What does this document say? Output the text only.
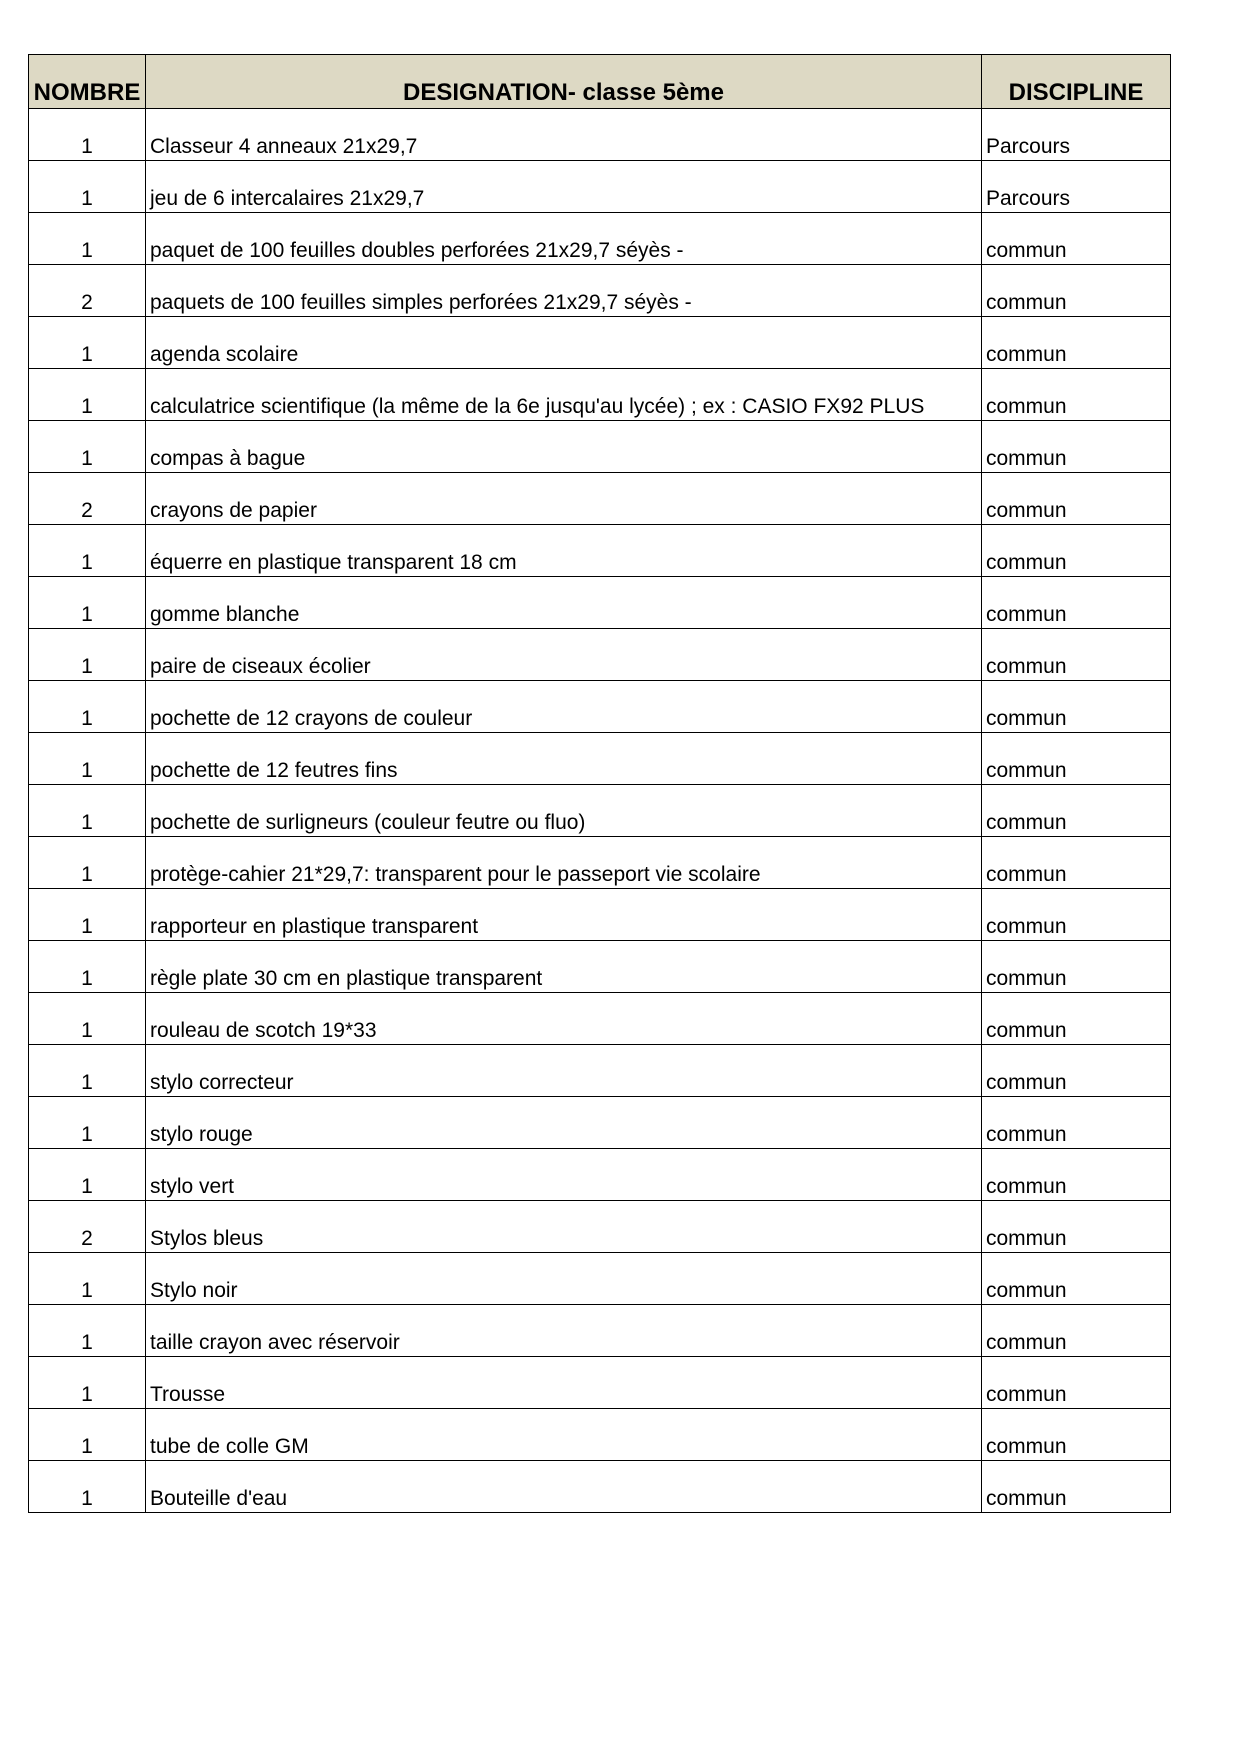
NOMBRE	DESIGNATION- classe 5ème	DISCIPLINE
1	Classeur 4 anneaux 21x29,7	Parcours
1	jeu de 6 intercalaires 21x29,7	Parcours
1	paquet de 100 feuilles doubles perforées 21x29,7 séyès -	commun
2	paquets de 100 feuilles simples perforées 21x29,7 séyès -	commun
1	agenda scolaire	commun
1	calculatrice scientifique (la même de la 6e jusqu'au lycée) ; ex : CASIO FX92 PLUS	commun
1	compas à bague	commun
2	crayons de papier	commun
1	équerre en plastique transparent 18 cm	commun
1	gomme blanche	commun
1	paire de ciseaux écolier	commun
1	pochette de 12 crayons de couleur	commun
1	pochette de 12 feutres fins	commun
1	pochette de surligneurs (couleur feutre ou fluo)	commun
1	protège-cahier 21*29,7: transparent pour le passeport vie scolaire	commun
1	rapporteur en plastique transparent	commun
1	règle plate 30 cm en plastique transparent	commun
1	rouleau de scotch 19*33	commun
1	stylo correcteur	commun
1	stylo rouge	commun
1	stylo vert	commun
2	Stylos bleus	commun
1	Stylo noir	commun
1	taille crayon avec réservoir	commun
1	Trousse	commun
1	tube de colle GM	commun
1	Bouteille d'eau	commun
